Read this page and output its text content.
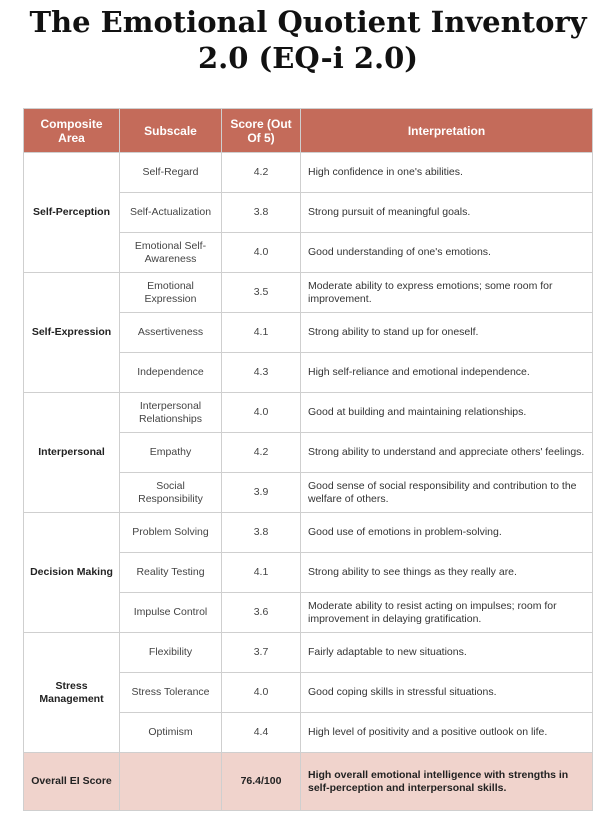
The Emotional Quotient Inventory
2.0 (EQ-i 2.0)
Composite Area	Subscale	Score (Out Of 5)	Interpretation
Self-Perception	Self-Regard	4.2	High confidence in one's abilities.
	Self-Actualization	3.8	Strong pursuit of meaningful goals.
	Emotional Self-Awareness	4.0	Good understanding of one's emotions.
Self-Expression	Emotional Expression	3.5	Moderate ability to express emotions; some room for improvement.
	Assertiveness	4.1	Strong ability to stand up for oneself.
	Independence	4.3	High self-reliance and emotional independence.
Interpersonal	Interpersonal Relationships	4.0	Good at building and maintaining relationships.
	Empathy	4.2	Strong ability to understand and appreciate others' feelings.
	Social Responsibility	3.9	Good sense of social responsibility and contribution to the welfare of others.
Decision Making	Problem Solving	3.8	Good use of emotions in problem-solving.
	Reality Testing	4.1	Strong ability to see things as they really are.
	Impulse Control	3.6	Moderate ability to resist acting on impulses; room for improvement in delaying gratification.
Stress Management	Flexibility	3.7	Fairly adaptable to new situations.
	Stress Tolerance	4.0	Good coping skills in stressful situations.
	Optimism	4.4	High level of positivity and a positive outlook on life.
Overall EI Score		76.4/100	High overall emotional intelligence with strengths in self-perception and interpersonal skills.
